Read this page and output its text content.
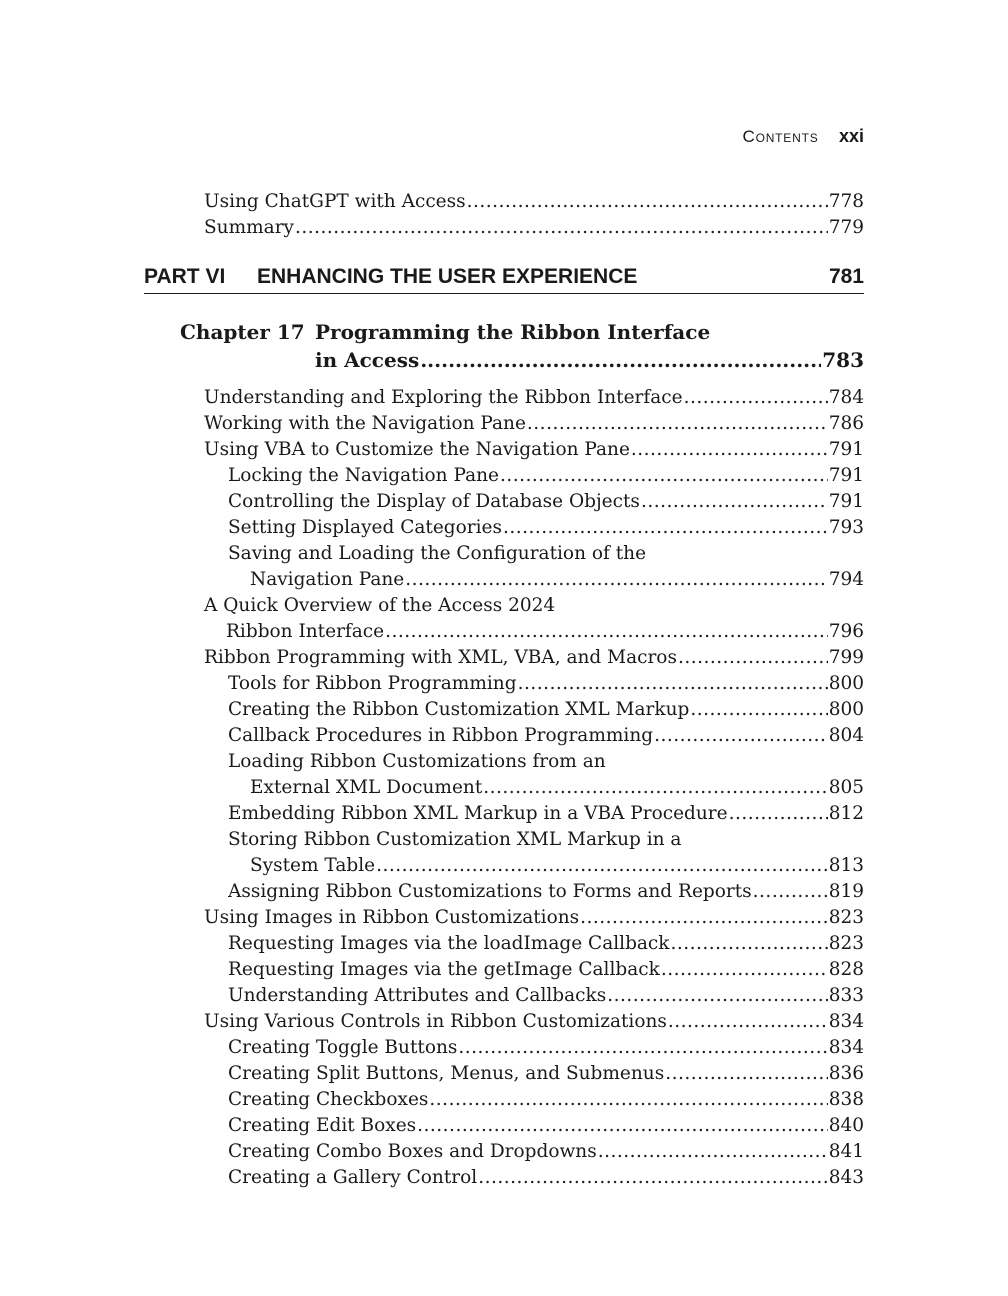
Contents xxi
Using ChatGPT with Access .....	778
Summary .....	779
PART VI ENHANCING THE USER EXPERIENCE	781
Chapter 17 Programming the Ribbon Interface
in Access .....	783
Understanding and Exploring the Ribbon Interface .....	784
Working with the Navigation Pane .....	786
Using VBA to Customize the Navigation Pane .....	791
Locking the Navigation Pane .....	791
Controlling the Display of Database Objects .....	791
Setting Displayed Categories .....	793
Saving and Loading the Configuration of the
Navigation Pane .....	794
A Quick Overview of the Access 2024
Ribbon Interface .....	796
Ribbon Programming with XML, VBA, and Macros .....	799
Tools for Ribbon Programming .....	800
Creating the Ribbon Customization XML Markup .....	800
Callback Procedures in Ribbon Programming .....	804
Loading Ribbon Customizations from an
External XML Document .....	805
Embedding Ribbon XML Markup in a VBA Procedure .....	812
Storing Ribbon Customization XML Markup in a
System Table .....	813
Assigning Ribbon Customizations to Forms and Reports .....	819
Using Images in Ribbon Customizations .....	823
Requesting Images via the loadImage Callback .....	823
Requesting Images via the getImage Callback .....	828
Understanding Attributes and Callbacks .....	833
Using Various Controls in Ribbon Customizations .....	834
Creating Toggle Buttons .....	834
Creating Split Buttons, Menus, and Submenus .....	836
Creating Checkboxes .....	838
Creating Edit Boxes .....	840
Creating Combo Boxes and Dropdowns .....	841
Creating a Gallery Control .....	843
